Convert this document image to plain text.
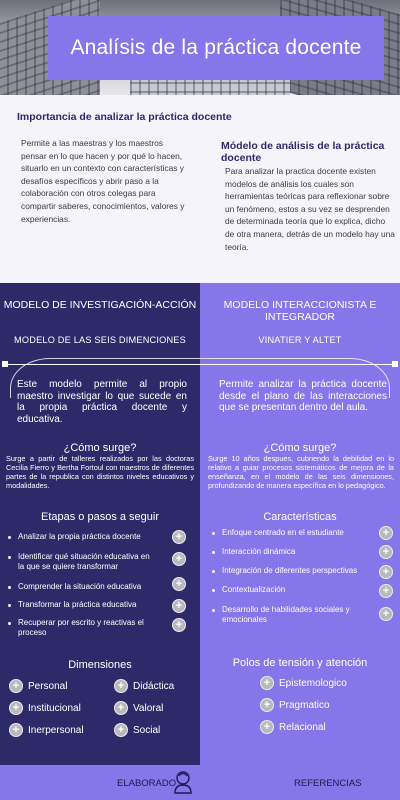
Analísis de la práctica docente
Importancia de analizar la práctica docente

Permite a las maestras y los maestros pensar en lo que hacen y por qué lo hacen, situarlo en un contexto con características y desafíos específicos y abrir paso a la colaboración con otros colegas para compartir saberes, conocimientos, valores y experiencias.

Módelo de análisis de la práctica docente

Para analizar la practica docente existen modelos de análisis los cuales son herramientas teóricas para reflexionar sobre un fenómeno, estos a su vez se desprenden de determinada teoría que lo explica, dicho de otra manera, detrás de un modelo hay una teoría.

MODELO DE INVESTIGACIÓN-ACCIÓN
MODELO DE LAS SEIS DIMENCIONES

Este modelo permite al propio maestro investigar lo que sucede en la propia práctica docente y educativa.

¿Cómo surge?

Surge a partir de talleres realizados por las doctoras Cecilia Fierro y Bertha Fortoul con maestros de diferentes partes de la republica con distintos niveles educativos y modalidades.

Etapas o pasos a seguir
Analizar la propia práctica docente
Identificar qué situación educativa en la que se quiere transformar
Comprender la situación educativa
Transformar la práctica educativa
Recuperar por escrito y reactivas el proceso
+
+
+
+
+
Dimensiones
+ Personal	+ Didáctica
+ Institucional	+ Valoral
+ Inerpersonal	+ Social
MODELO INTERACCIONISTA E INTEGRADOR
VINATIER Y ALTET

Permite analizar la práctica docente desde el plano de las interacciones que se presentan dentro del aula.

¿Cómo surge?

Surge 10 años despues, cubriendo la debilidad en lo relativo a guiar procesos sistemáticos de mejora de la enseñanza, en el modelo de las seis dimensiones, profundizando de manera específica en lo pedagógico.

Características
Enfoque centrado en el estudiante
Interacción dinámica
Integración de diferentes perspectivas
Contextualización
Desarrollo de habilidades sociales y emocionales
+
+
+
+
+
Polos de tensión y atención
+ Epistemologico
+ Pragmatico
+ Relacional
ELABORADO	REFERENCIAS
